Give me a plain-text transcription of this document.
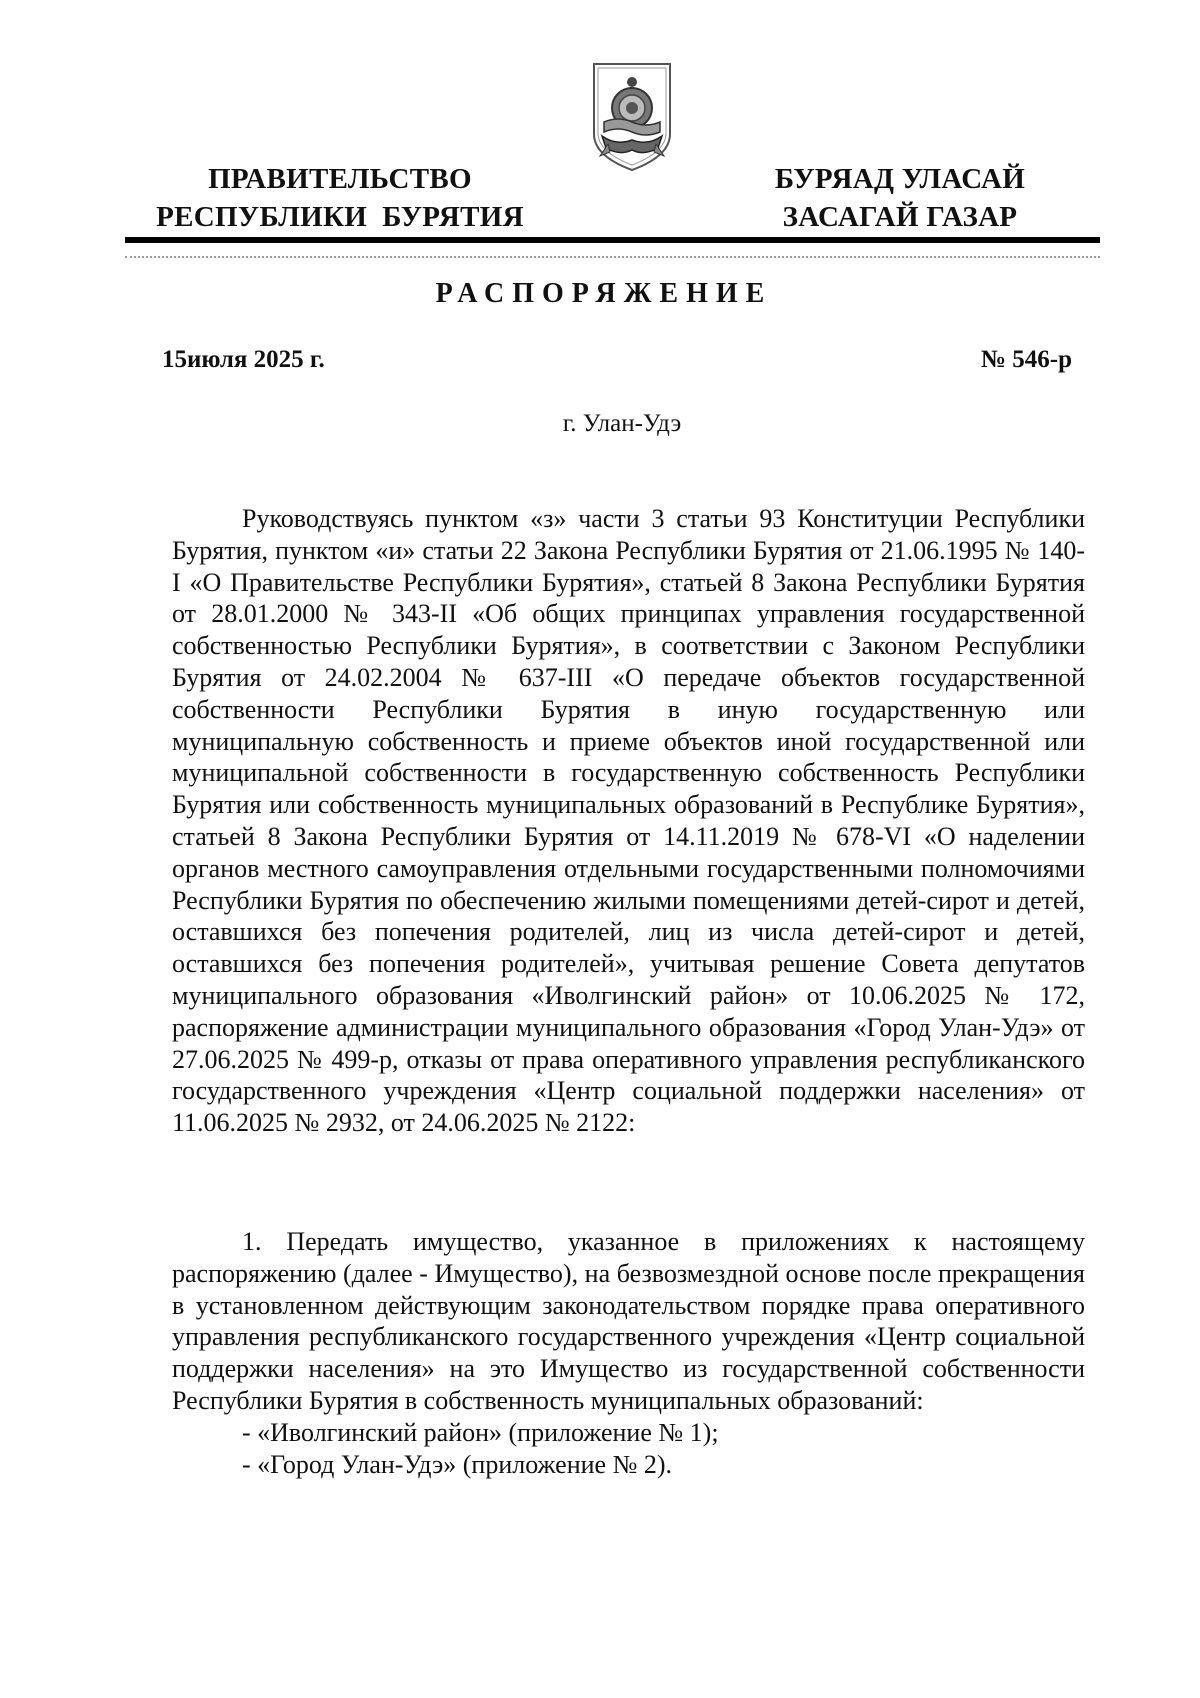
ПРАВИТЕЛЬСТВО
РЕСПУБЛИКИ  БУРЯТИЯ
БУРЯАД УЛАСАЙ
ЗАСАГАЙ ГАЗАР
РАСПОРЯЖЕНИЕ
15июля 2025 г.	№ 546-р
г. Улан-Удэ

Руководствуясь пунктом «з» части 3 статьи 93 Конституции Республики Бурятия, пунктом «и» статьи 22 Закона Республики Бурятия от 21.06.1995 № 140-I «О Правительстве Республики Бурятия», статьей 8 Закона Республики Бурятия от 28.01.2000 № 343-II «Об общих принципах управления государственной собственностью Республики Бурятия», в соответствии с Законом Республики Бурятия от 24.02.2004 № 637-III «О передаче объектов государственной собственности Республики Бурятия в иную государственную или муниципальную собственность и приеме объектов иной государственной или муниципальной собственности в государственную собственность Республики Бурятия или собственность муниципальных образований в Республике Бурятия», статьей 8 Закона Республики Бурятия от 14.11.2019 № 678-VI «О наделении органов местного самоуправления отдельными государственными полномочиями Республики Бурятия по обеспечению жилыми помещениями детей-сирот и детей, оставшихся без попечения родителей, лиц из числа детей-сирот и детей, оставшихся без попечения родителей», учитывая решение Совета депутатов муниципального образования «Иволгинский район» от 10.06.2025 № 172, распоряжение администрации муниципального образования «Город Улан-Удэ» от 27.06.2025 № 499-р, отказы от права оперативного управления республиканского государственного учреждения «Центр социальной поддержки населения» от 11.06.2025 № 2932, от 24.06.2025 № 2122:

1. Передать имущество, указанное в приложениях к настоящему распоряжению (далее - Имущество), на безвозмездной основе после прекращения в установленном действующим законодательством порядке права оперативного управления республиканского государственного учреждения «Центр социальной поддержки населения» на это Имущество из государственной собственности Республики Бурятия в собственность муниципальных образований:

- «Иволгинский район» (приложение № 1);
- «Город Улан-Удэ» (приложение № 2).
